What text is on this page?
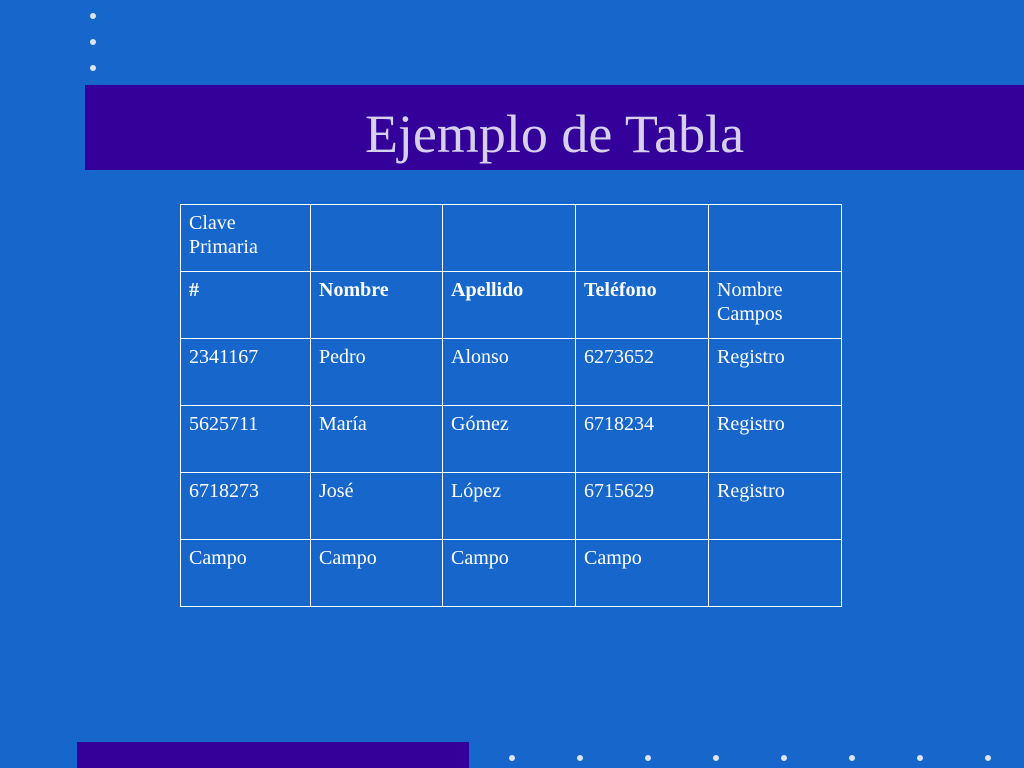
Ejemplo de Tabla
Clave Primaria				
#	Nombre	Apellido	Teléfono	Nombre Campos
2341167	Pedro	Alonso	6273652	Registro
5625711	María	Gómez	6718234	Registro
6718273	José	López	6715629	Registro
Campo	Campo	Campo	Campo	
